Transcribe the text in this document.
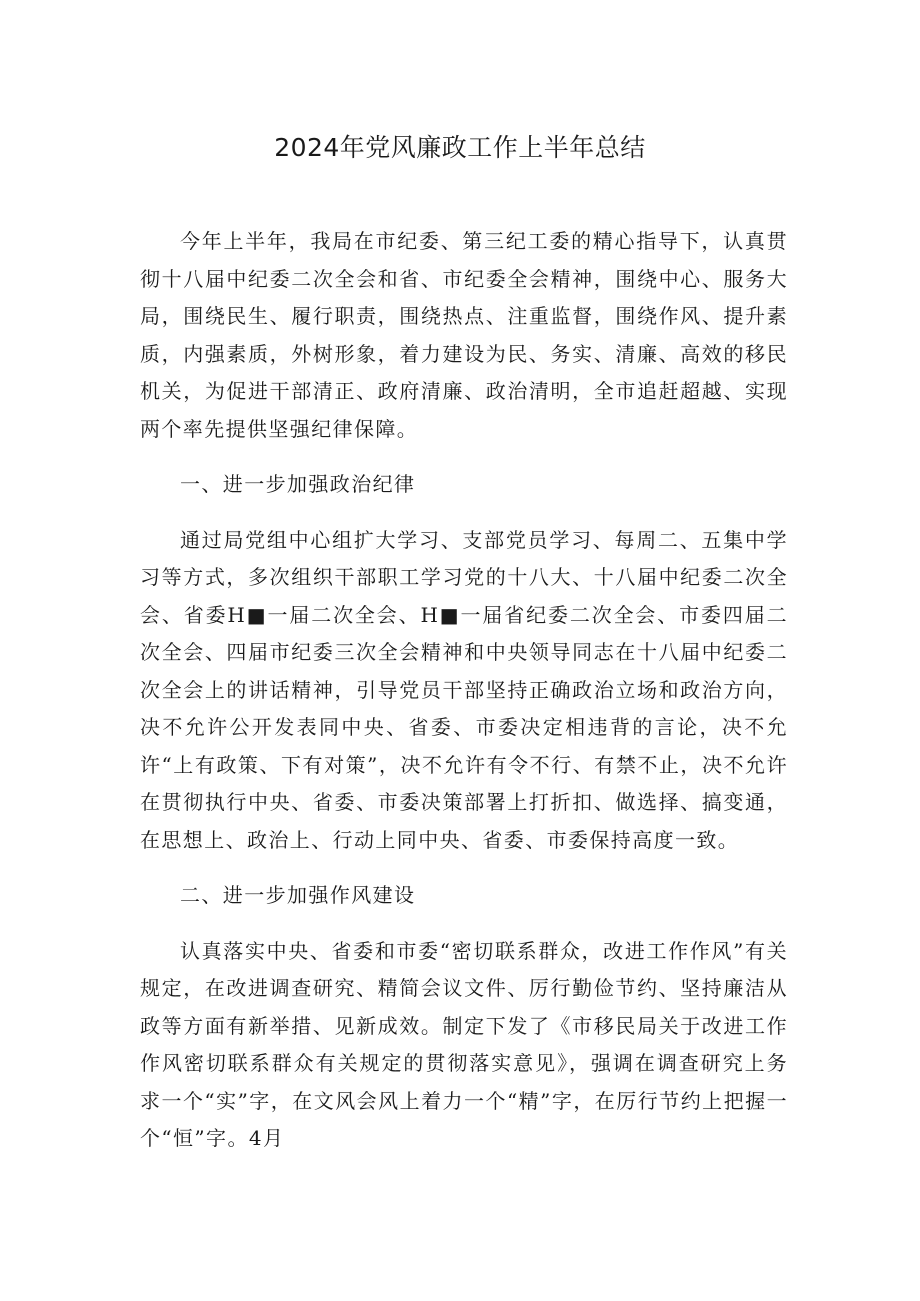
2024年党风廉政工作上半年总结

今年上半年，我局在市纪委、第三纪工委的精心指导下，认真贯彻十八届中纪委二次全会和省、市纪委全会精神，围绕中心、服务大局，围绕民生、履行职责，围绕热点、注重监督，围绕作风、提升素质，内强素质，外树形象，着力建设为民、务实、清廉、高效的移民机关，为促进干部清正、政府清廉、政治清明，全市追赶超越、实现两个率先提供坚强纪律保障。

一、进一步加强政治纪律

通过局党组中心组扩大学习、支部党员学习、每周二、五集中学习等方式，多次组织干部职工学习党的十八大、十八届中纪委二次全会、省委H■一届二次全会、H■一届省纪委二次全会、市委四届二次全会、四届市纪委三次全会精神和中央领导同志在十八届中纪委二次全会上的讲话精神，引导党员干部坚持正确政治立场和政治方向，决不允许公开发表同中央、省委、市委决定相违背的言论，决不允许“上有政策、下有对策”，决不允许有令不行、有禁不止，决不允许在贯彻执行中央、省委、市委决策部署上打折扣、做选择、搞变通，在思想上、政治上、行动上同中央、省委、市委保持高度一致。

二、进一步加强作风建设

认真落实中央、省委和市委“密切联系群众，改进工作作风”有关规定，在改进调查研究、精简会议文件、厉行勤俭节约、坚持廉洁从政等方面有新举措、见新成效。制定下发了《市移民局关于改进工作作风密切联系群众有关规定的贯彻落实意见》，强调在调查研究上务求一个“实”字，在文风会风上着力一个“精”字，在厉行节约上把握一个“恒”字。4月
